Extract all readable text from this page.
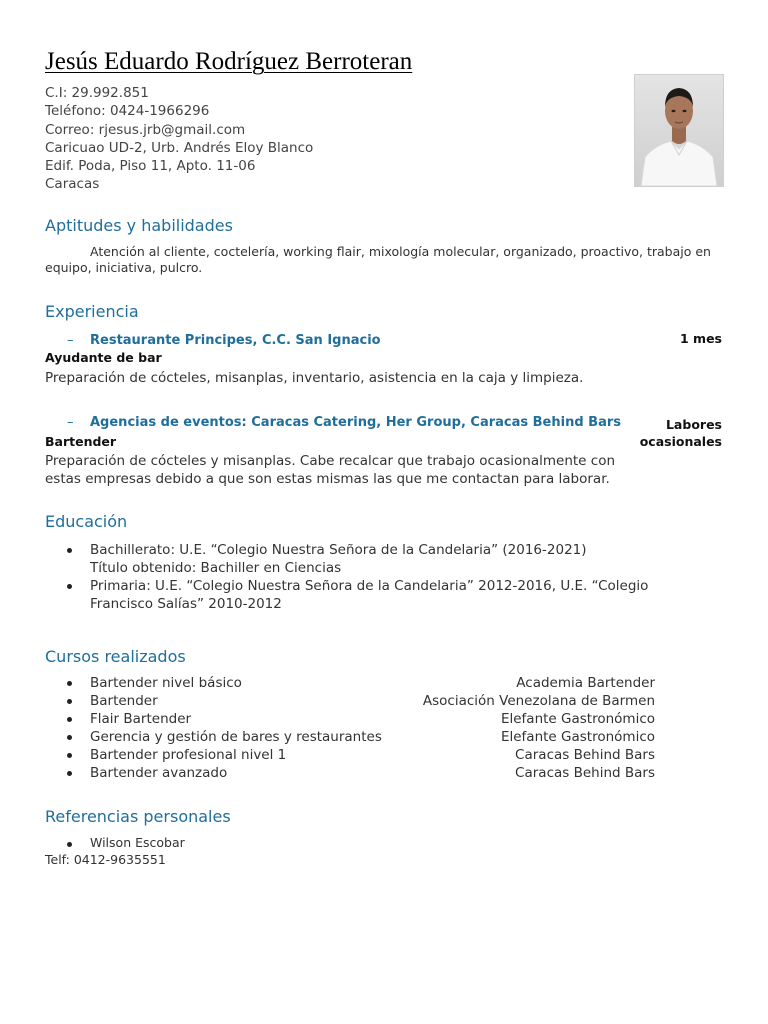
Jesús Eduardo Rodríguez Berroteran
C.I: 29.992.851
Teléfono: 0424-1966296
Correo: rjesus.jrb@gmail.com
Caricuao UD-2, Urb. Andrés Eloy Blanco
Edif. Poda, Piso 11, Apto. 11-06
Caracas
Aptitudes y habilidades
Atención al cliente, coctelería, working flair, mixología molecular, organizado, proactivo, trabajo en
equipo, iniciativa, pulcro.
Experiencia
– Restaurante Principes, C.C. San Ignacio	1 mes
Ayudante de bar
Preparación de cócteles, misanplas, inventario, asistencia en la caja y limpieza.
– Agencias de eventos: Caracas Catering, Her Group, Caracas Behind Bars	Labores
ocasionales
Bartender
Preparación de cócteles y misanplas. Cabe recalcar que trabajo ocasionalmente con
estas empresas debido a que son estas mismas las que me contactan para laborar.
Educación
Bachillerato: U.E. “Colegio Nuestra Señora de la Candelaria” (2016-2021)
Título obtenido: Bachiller en Ciencias
Primaria: U.E. “Colegio Nuestra Señora de la Candelaria” 2012-2016, U.E. “Colegio
Francisco Salías” 2010-2012
Cursos realizados
Bartender nivel básico	Academia Bartender
Bartender	Asociación Venezolana de Barmen
Flair Bartender	Elefante Gastronómico
Gerencia y gestión de bares y restaurantes	Elefante Gastronómico
Bartender profesional nivel 1	Caracas Behind Bars
Bartender avanzado	Caracas Behind Bars
Referencias personales
Wilson Escobar
Telf: 0412-9635551
